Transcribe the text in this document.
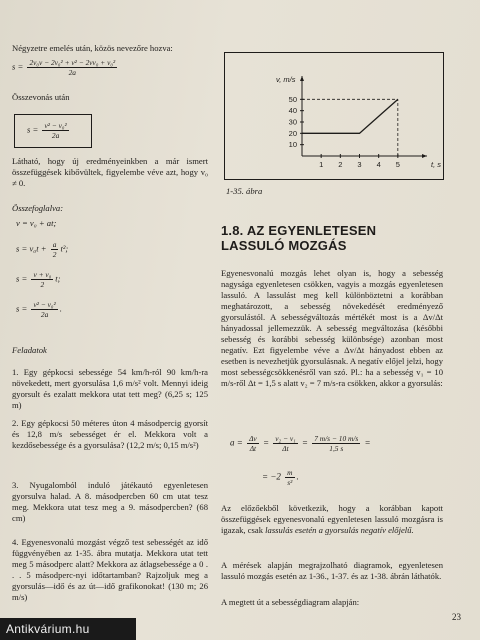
Négyzetre emelés után, közös nevezőre hozva:

$s = \frac{\text{2v₀v − 2v₀² + v² − 2vv₀ + v₀²}}{2a}$

Összevonás után

$s = \frac{\text{v² − v₀²}}{2a}$

Látható, hogy új eredményeinkben a már ismert összefüggések kibővültek, figyelembe véve azt, hogy v₀ ≠ 0.

Összefoglalva:

v = v₀ + at;
$s = v_0t + \frac{a}{2} t^2$;
$s = \frac{\text{v + v₀}}{2} t$;
$s = \frac{\text{v² − v₀²}}{2a}$ .

Feladatok

1. Egy gépkocsi sebessége 54 km/h-ról 90 km/h-ra növekedett, mert gyorsulása 1,6 m/s² volt. Mennyi ideig gyorsult és ezalatt mekkora utat tett meg? (6,25 s; 125 m)

2. Egy gépkocsi 50 méteres úton 4 másodpercig gyorsít és 12,8 m/s sebességet ér el. Mekkora volt a kezdősebessége és a gyorsulása? (12,2 m/s; 0,15 m/s²)

3. Nyugalomból induló játékautó egyenletesen gyorsulva halad. A 8. másodpercben 60 cm utat tesz meg. Mekkora utat tesz meg a 9. másodpercben? (68 cm)

4. Egyenesvonalú mozgást végző test sebességét az idő függvényében az 1-35. ábra mutatja. Mekkora utat tett meg 5 másodperc alatt? Mekkora az átlagsebessége a 0 . . . 5 másodperc-nyi időtartamban? Rajzoljuk meg a gyorsulás—idő és az út—idő grafikonokat! (130 m; 26 m/s)

1 2 3 4 5
10
20
30
40
50
t, s
v, m/s
1-35. ábra
1.8. AZ EGYENLETESEN
LASSULÓ MOZGÁS

Egyenesvonalú mozgás lehet olyan is, hogy a sebesség nagysága egyenletesen csökken, vagyis a mozgás egyenletesen lassuló. A lassulást meg kell különböztetni a korábban meghatározott, a sebesség növekedését eredményező gyorsulástól. A sebességváltozás mértékét most is a Δv/Δt hányadossal jellemezzük. A sebesség megváltozása (későbbi sebesség és korábbi sebesség különbsége) azonban most negatív. Ezt figyelembe véve a Δv/Δt hányadost ebben az esetben is nevezhetjük gyorsulásnak. A negatív előjel jelzi, hogy most sebességcsökkenésről van szó. Pl.: ha a sebesség v₁ = 10 m/s-ről Δt = 1,5 s alatt v₂ = 7 m/s-ra csökken, akkor a gyorsulás:

$a = \frac{\Delta v}{\Delta t} = \frac{\text{v₂ − v₁}}{\Delta t} = \frac{7 m/s - 10 m/s}{1,5 s}$ =
= $-2 \frac{m}{\text{s²}}$ .

Az előzőekből következik, hogy a korábban kapott összefüggések egyenesvonalú egyenletesen lassuló mozgásra is igazak, csak lassulás esetén a gyorsulás negatív előjelű.

A mérések alapján megrajzolható diagramok, egyenletesen lassuló mozgás esetén az 1-36., 1-37. és az 1-38. ábrán láthatók.

A megtett út a sebességdiagram alapján:

23
Antikvárium.hu
